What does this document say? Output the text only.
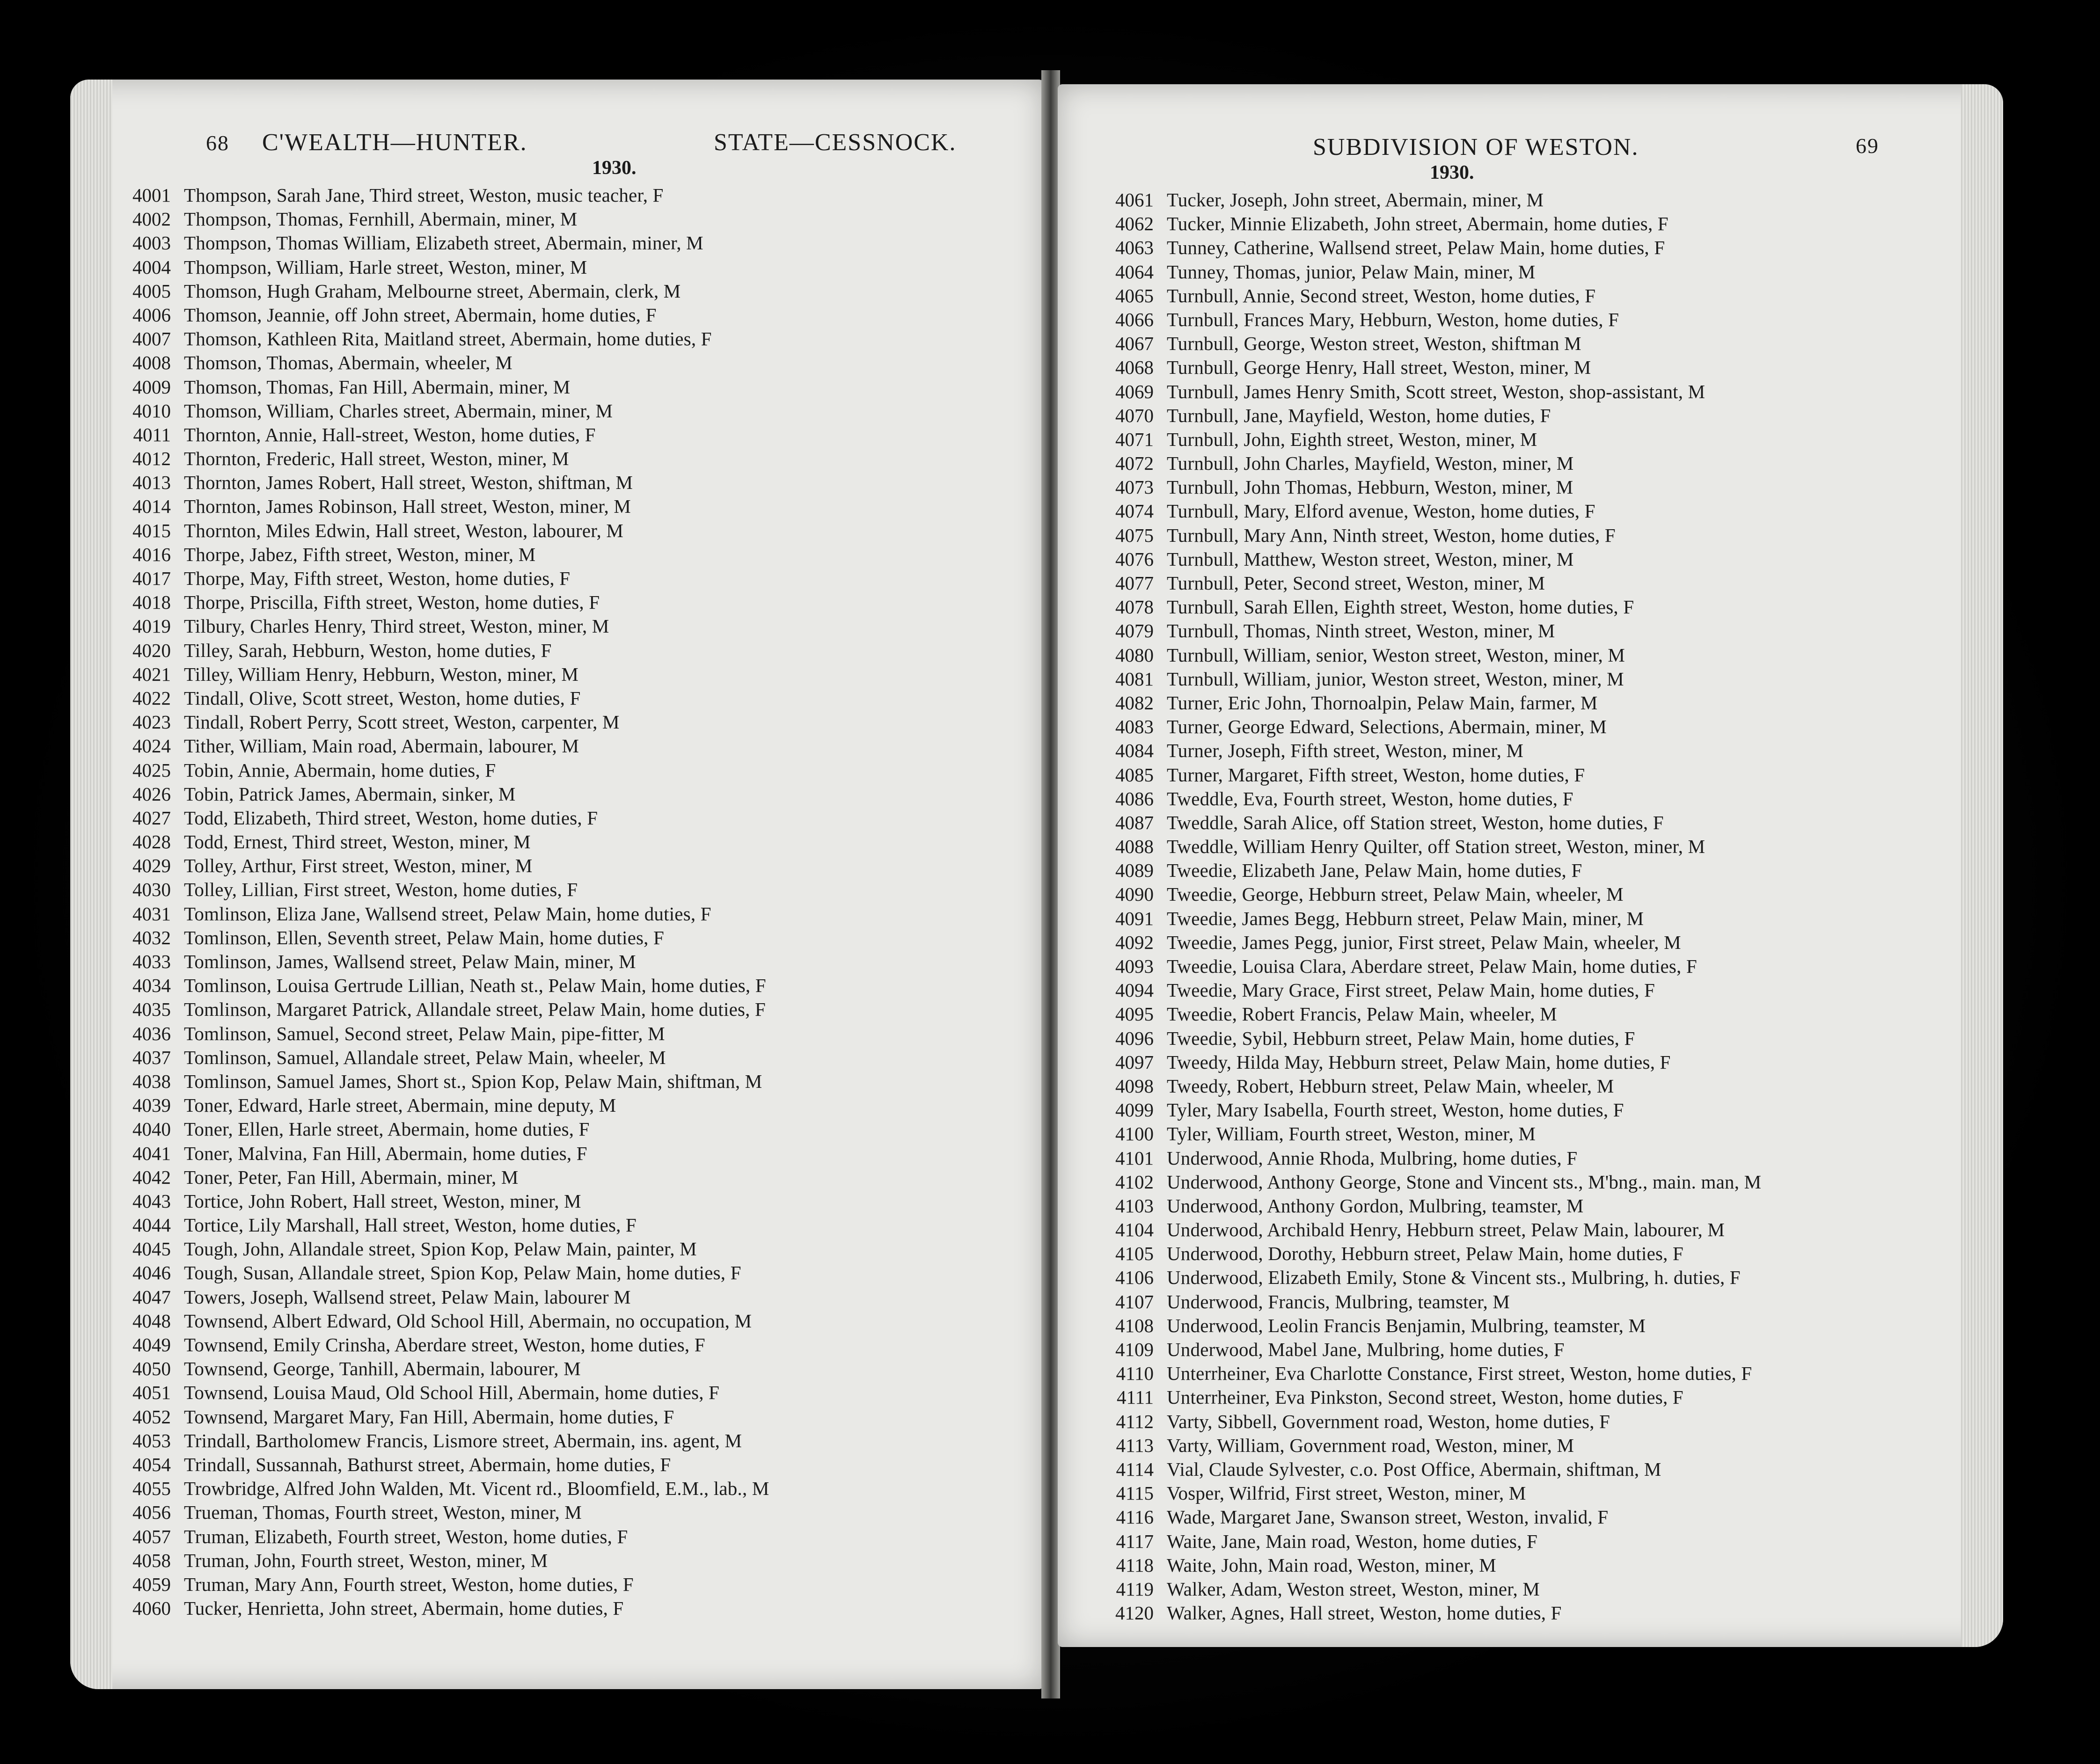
68 C'WEALTH—HUNTER.	STATE—CESSNOCK.
1930.
4001 Thompson, Sarah Jane, Third street, Weston, music teacher, F
4002 Thompson, Thomas, Fernhill, Abermain, miner, M
4003 Thompson, Thomas William, Elizabeth street, Abermain, miner, M
4004 Thompson, William, Harle street, Weston, miner, M
4005 Thomson, Hugh Graham, Melbourne street, Abermain, clerk, M
4006 Thomson, Jeannie, off John street, Abermain, home duties, F
4007 Thomson, Kathleen Rita, Maitland street, Abermain, home duties, F
4008 Thomson, Thomas, Abermain, wheeler, M
4009 Thomson, Thomas, Fan Hill, Abermain, miner, M
4010 Thomson, William, Charles street, Abermain, miner, M
4011 Thornton, Annie, Hall-street, Weston, home duties, F
4012 Thornton, Frederic, Hall street, Weston, miner, M
4013 Thornton, James Robert, Hall street, Weston, shiftman, M
4014 Thornton, James Robinson, Hall street, Weston, miner, M
4015 Thornton, Miles Edwin, Hall street, Weston, labourer, M
4016 Thorpe, Jabez, Fifth street, Weston, miner, M
4017 Thorpe, May, Fifth street, Weston, home duties, F
4018 Thorpe, Priscilla, Fifth street, Weston, home duties, F
4019 Tilbury, Charles Henry, Third street, Weston, miner, M
4020 Tilley, Sarah, Hebburn, Weston, home duties, F
4021 Tilley, William Henry, Hebburn, Weston, miner, M
4022 Tindall, Olive, Scott street, Weston, home duties, F
4023 Tindall, Robert Perry, Scott street, Weston, carpenter, M
4024 Tither, William, Main road, Abermain, labourer, M
4025 Tobin, Annie, Abermain, home duties, F
4026 Tobin, Patrick James, Abermain, sinker, M
4027 Todd, Elizabeth, Third street, Weston, home duties, F
4028 Todd, Ernest, Third street, Weston, miner, M
4029 Tolley, Arthur, First street, Weston, miner, M
4030 Tolley, Lillian, First street, Weston, home duties, F
4031 Tomlinson, Eliza Jane, Wallsend street, Pelaw Main, home duties, F
4032 Tomlinson, Ellen, Seventh street, Pelaw Main, home duties, F
4033 Tomlinson, James, Wallsend street, Pelaw Main, miner, M
4034 Tomlinson, Louisa Gertrude Lillian, Neath st., Pelaw Main, home duties, F
4035 Tomlinson, Margaret Patrick, Allandale street, Pelaw Main, home duties, F
4036 Tomlinson, Samuel, Second street, Pelaw Main, pipe-fitter, M
4037 Tomlinson, Samuel, Allandale street, Pelaw Main, wheeler, M
4038 Tomlinson, Samuel James, Short st., Spion Kop, Pelaw Main, shiftman, M
4039 Toner, Edward, Harle street, Abermain, mine deputy, M
4040 Toner, Ellen, Harle street, Abermain, home duties, F
4041 Toner, Malvina, Fan Hill, Abermain, home duties, F
4042 Toner, Peter, Fan Hill, Abermain, miner, M
4043 Tortice, John Robert, Hall street, Weston, miner, M
4044 Tortice, Lily Marshall, Hall street, Weston, home duties, F
4045 Tough, John, Allandale street, Spion Kop, Pelaw Main, painter, M
4046 Tough, Susan, Allandale street, Spion Kop, Pelaw Main, home duties, F
4047 Towers, Joseph, Wallsend street, Pelaw Main, labourer M
4048 Townsend, Albert Edward, Old School Hill, Abermain, no occupation, M
4049 Townsend, Emily Crinsha, Aberdare street, Weston, home duties, F
4050 Townsend, George, Tanhill, Abermain, labourer, M
4051 Townsend, Louisa Maud, Old School Hill, Abermain, home duties, F
4052 Townsend, Margaret Mary, Fan Hill, Abermain, home duties, F
4053 Trindall, Bartholomew Francis, Lismore street, Abermain, ins. agent, M
4054 Trindall, Sussannah, Bathurst street, Abermain, home duties, F
4055 Trowbridge, Alfred John Walden, Mt. Vicent rd., Bloomfield, E.M., lab., M
4056 Trueman, Thomas, Fourth street, Weston, miner, M
4057 Truman, Elizabeth, Fourth street, Weston, home duties, F
4058 Truman, John, Fourth street, Weston, miner, M
4059 Truman, Mary Ann, Fourth street, Weston, home duties, F
4060 Tucker, Henrietta, John street, Abermain, home duties, F
SUBDIVISION OF WESTON.	69
1930.
4061 Tucker, Joseph, John street, Abermain, miner, M
4062 Tucker, Minnie Elizabeth, John street, Abermain, home duties, F
4063 Tunney, Catherine, Wallsend street, Pelaw Main, home duties, F
4064 Tunney, Thomas, junior, Pelaw Main, miner, M
4065 Turnbull, Annie, Second street, Weston, home duties, F
4066 Turnbull, Frances Mary, Hebburn, Weston, home duties, F
4067 Turnbull, George, Weston street, Weston, shiftman M
4068 Turnbull, George Henry, Hall street, Weston, miner, M
4069 Turnbull, James Henry Smith, Scott street, Weston, shop-assistant, M
4070 Turnbull, Jane, Mayfield, Weston, home duties, F
4071 Turnbull, John, Eighth street, Weston, miner, M
4072 Turnbull, John Charles, Mayfield, Weston, miner, M
4073 Turnbull, John Thomas, Hebburn, Weston, miner, M
4074 Turnbull, Mary, Elford avenue, Weston, home duties, F
4075 Turnbull, Mary Ann, Ninth street, Weston, home duties, F
4076 Turnbull, Matthew, Weston street, Weston, miner, M
4077 Turnbull, Peter, Second street, Weston, miner, M
4078 Turnbull, Sarah Ellen, Eighth street, Weston, home duties, F
4079 Turnbull, Thomas, Ninth street, Weston, miner, M
4080 Turnbull, William, senior, Weston street, Weston, miner, M
4081 Turnbull, William, junior, Weston street, Weston, miner, M
4082 Turner, Eric John, Thornoalpin, Pelaw Main, farmer, M
4083 Turner, George Edward, Selections, Abermain, miner, M
4084 Turner, Joseph, Fifth street, Weston, miner, M
4085 Turner, Margaret, Fifth street, Weston, home duties, F
4086 Tweddle, Eva, Fourth street, Weston, home duties, F
4087 Tweddle, Sarah Alice, off Station street, Weston, home duties, F
4088 Tweddle, William Henry Quilter, off Station street, Weston, miner, M
4089 Tweedie, Elizabeth Jane, Pelaw Main, home duties, F
4090 Tweedie, George, Hebburn street, Pelaw Main, wheeler, M
4091 Tweedie, James Begg, Hebburn street, Pelaw Main, miner, M
4092 Tweedie, James Pegg, junior, First street, Pelaw Main, wheeler, M
4093 Tweedie, Louisa Clara, Aberdare street, Pelaw Main, home duties, F
4094 Tweedie, Mary Grace, First street, Pelaw Main, home duties, F
4095 Tweedie, Robert Francis, Pelaw Main, wheeler, M
4096 Tweedie, Sybil, Hebburn street, Pelaw Main, home duties, F
4097 Tweedy, Hilda May, Hebburn street, Pelaw Main, home duties, F
4098 Tweedy, Robert, Hebburn street, Pelaw Main, wheeler, M
4099 Tyler, Mary Isabella, Fourth street, Weston, home duties, F
4100 Tyler, William, Fourth street, Weston, miner, M
4101 Underwood, Annie Rhoda, Mulbring, home duties, F
4102 Underwood, Anthony George, Stone and Vincent sts., M'bng., main. man, M
4103 Underwood, Anthony Gordon, Mulbring, teamster, M
4104 Underwood, Archibald Henry, Hebburn street, Pelaw Main, labourer, M
4105 Underwood, Dorothy, Hebburn street, Pelaw Main, home duties, F
4106 Underwood, Elizabeth Emily, Stone & Vincent sts., Mulbring, h. duties, F
4107 Underwood, Francis, Mulbring, teamster, M
4108 Underwood, Leolin Francis Benjamin, Mulbring, teamster, M
4109 Underwood, Mabel Jane, Mulbring, home duties, F
4110 Unterrheiner, Eva Charlotte Constance, First street, Weston, home duties, F
4111 Unterrheiner, Eva Pinkston, Second street, Weston, home duties, F
4112 Varty, Sibbell, Government road, Weston, home duties, F
4113 Varty, William, Government road, Weston, miner, M
4114 Vial, Claude Sylvester, c.o. Post Office, Abermain, shiftman, M
4115 Vosper, Wilfrid, First street, Weston, miner, M
4116 Wade, Margaret Jane, Swanson street, Weston, invalid, F
4117 Waite, Jane, Main road, Weston, home duties, F
4118 Waite, John, Main road, Weston, miner, M
4119 Walker, Adam, Weston street, Weston, miner, M
4120 Walker, Agnes, Hall street, Weston, home duties, F
